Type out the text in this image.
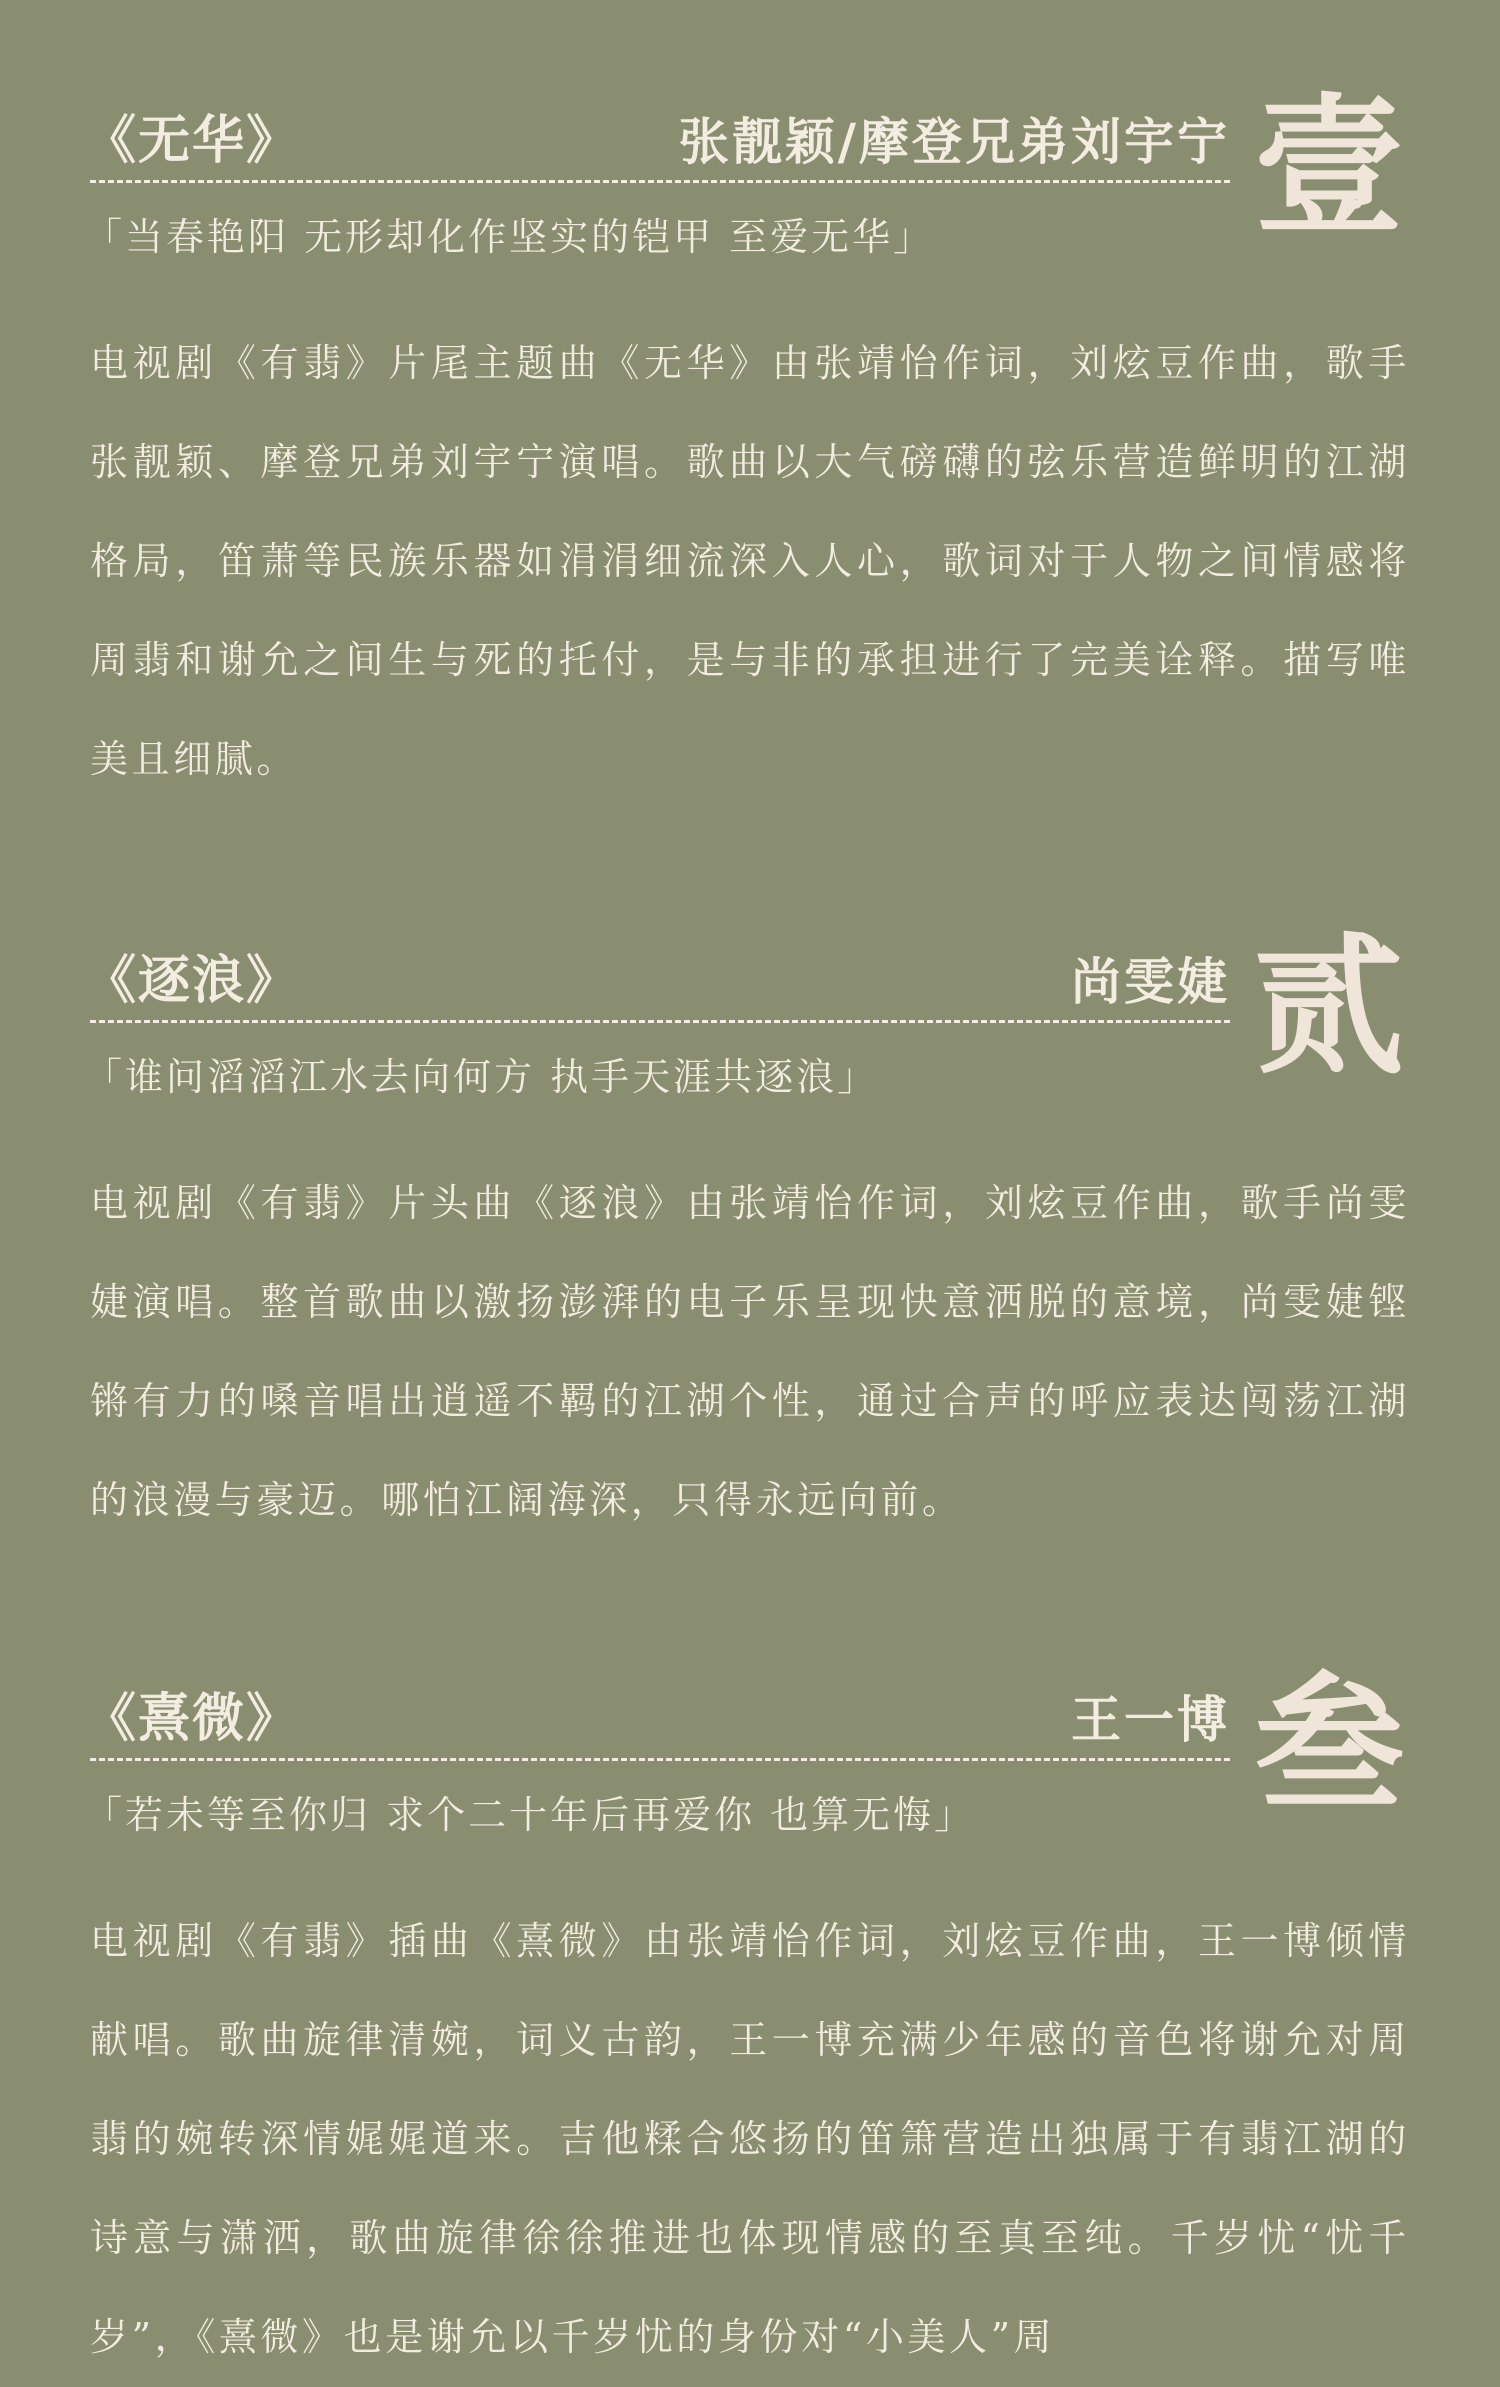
《无华》	张靓颖/摩登兄弟刘宇宁 壹
「当春艳阳 无形却化作坚实的铠甲 至爱无华」

电视剧《有翡》片尾主题曲《无华》由张靖怡作词，刘炫豆作曲，歌手张靓颖、摩登兄弟刘宇宁演唱。歌曲以大气磅礴的弦乐营造鲜明的江湖格局，笛萧等民族乐器如涓涓细流深入人心，歌词对于人物之间情感将周翡和谢允之间生与死的托付，是与非的承担进行了完美诠释。描写唯美且细腻。

《逐浪》	尚雯婕 贰
「谁问滔滔江水去向何方 执手天涯共逐浪」

电视剧《有翡》片头曲《逐浪》由张靖怡作词，刘炫豆作曲，歌手尚雯婕演唱。整首歌曲以激扬澎湃的电子乐呈现快意洒脱的意境，尚雯婕铿锵有力的嗓音唱出逍遥不羁的江湖个性，通过合声的呼应表达闯荡江湖的浪漫与豪迈。哪怕江阔海深，只得永远向前。

《熹微》	王一博 叁
「若未等至你归 求个二十年后再爱你 也算无悔」

电视剧《有翡》插曲《熹微》由张靖怡作词，刘炫豆作曲，王一博倾情献唱。歌曲旋律清婉，词义古韵，王一博充满少年感的音色将谢允对周翡的婉转深情娓娓道来。吉他糅合悠扬的笛箫营造出独属于有翡江湖的诗意与潇洒，歌曲旋律徐徐推进也体现情感的至真至纯。千岁忧“忧千岁”，《熹微》也是谢允以千岁忧的身份对“小美人”周
